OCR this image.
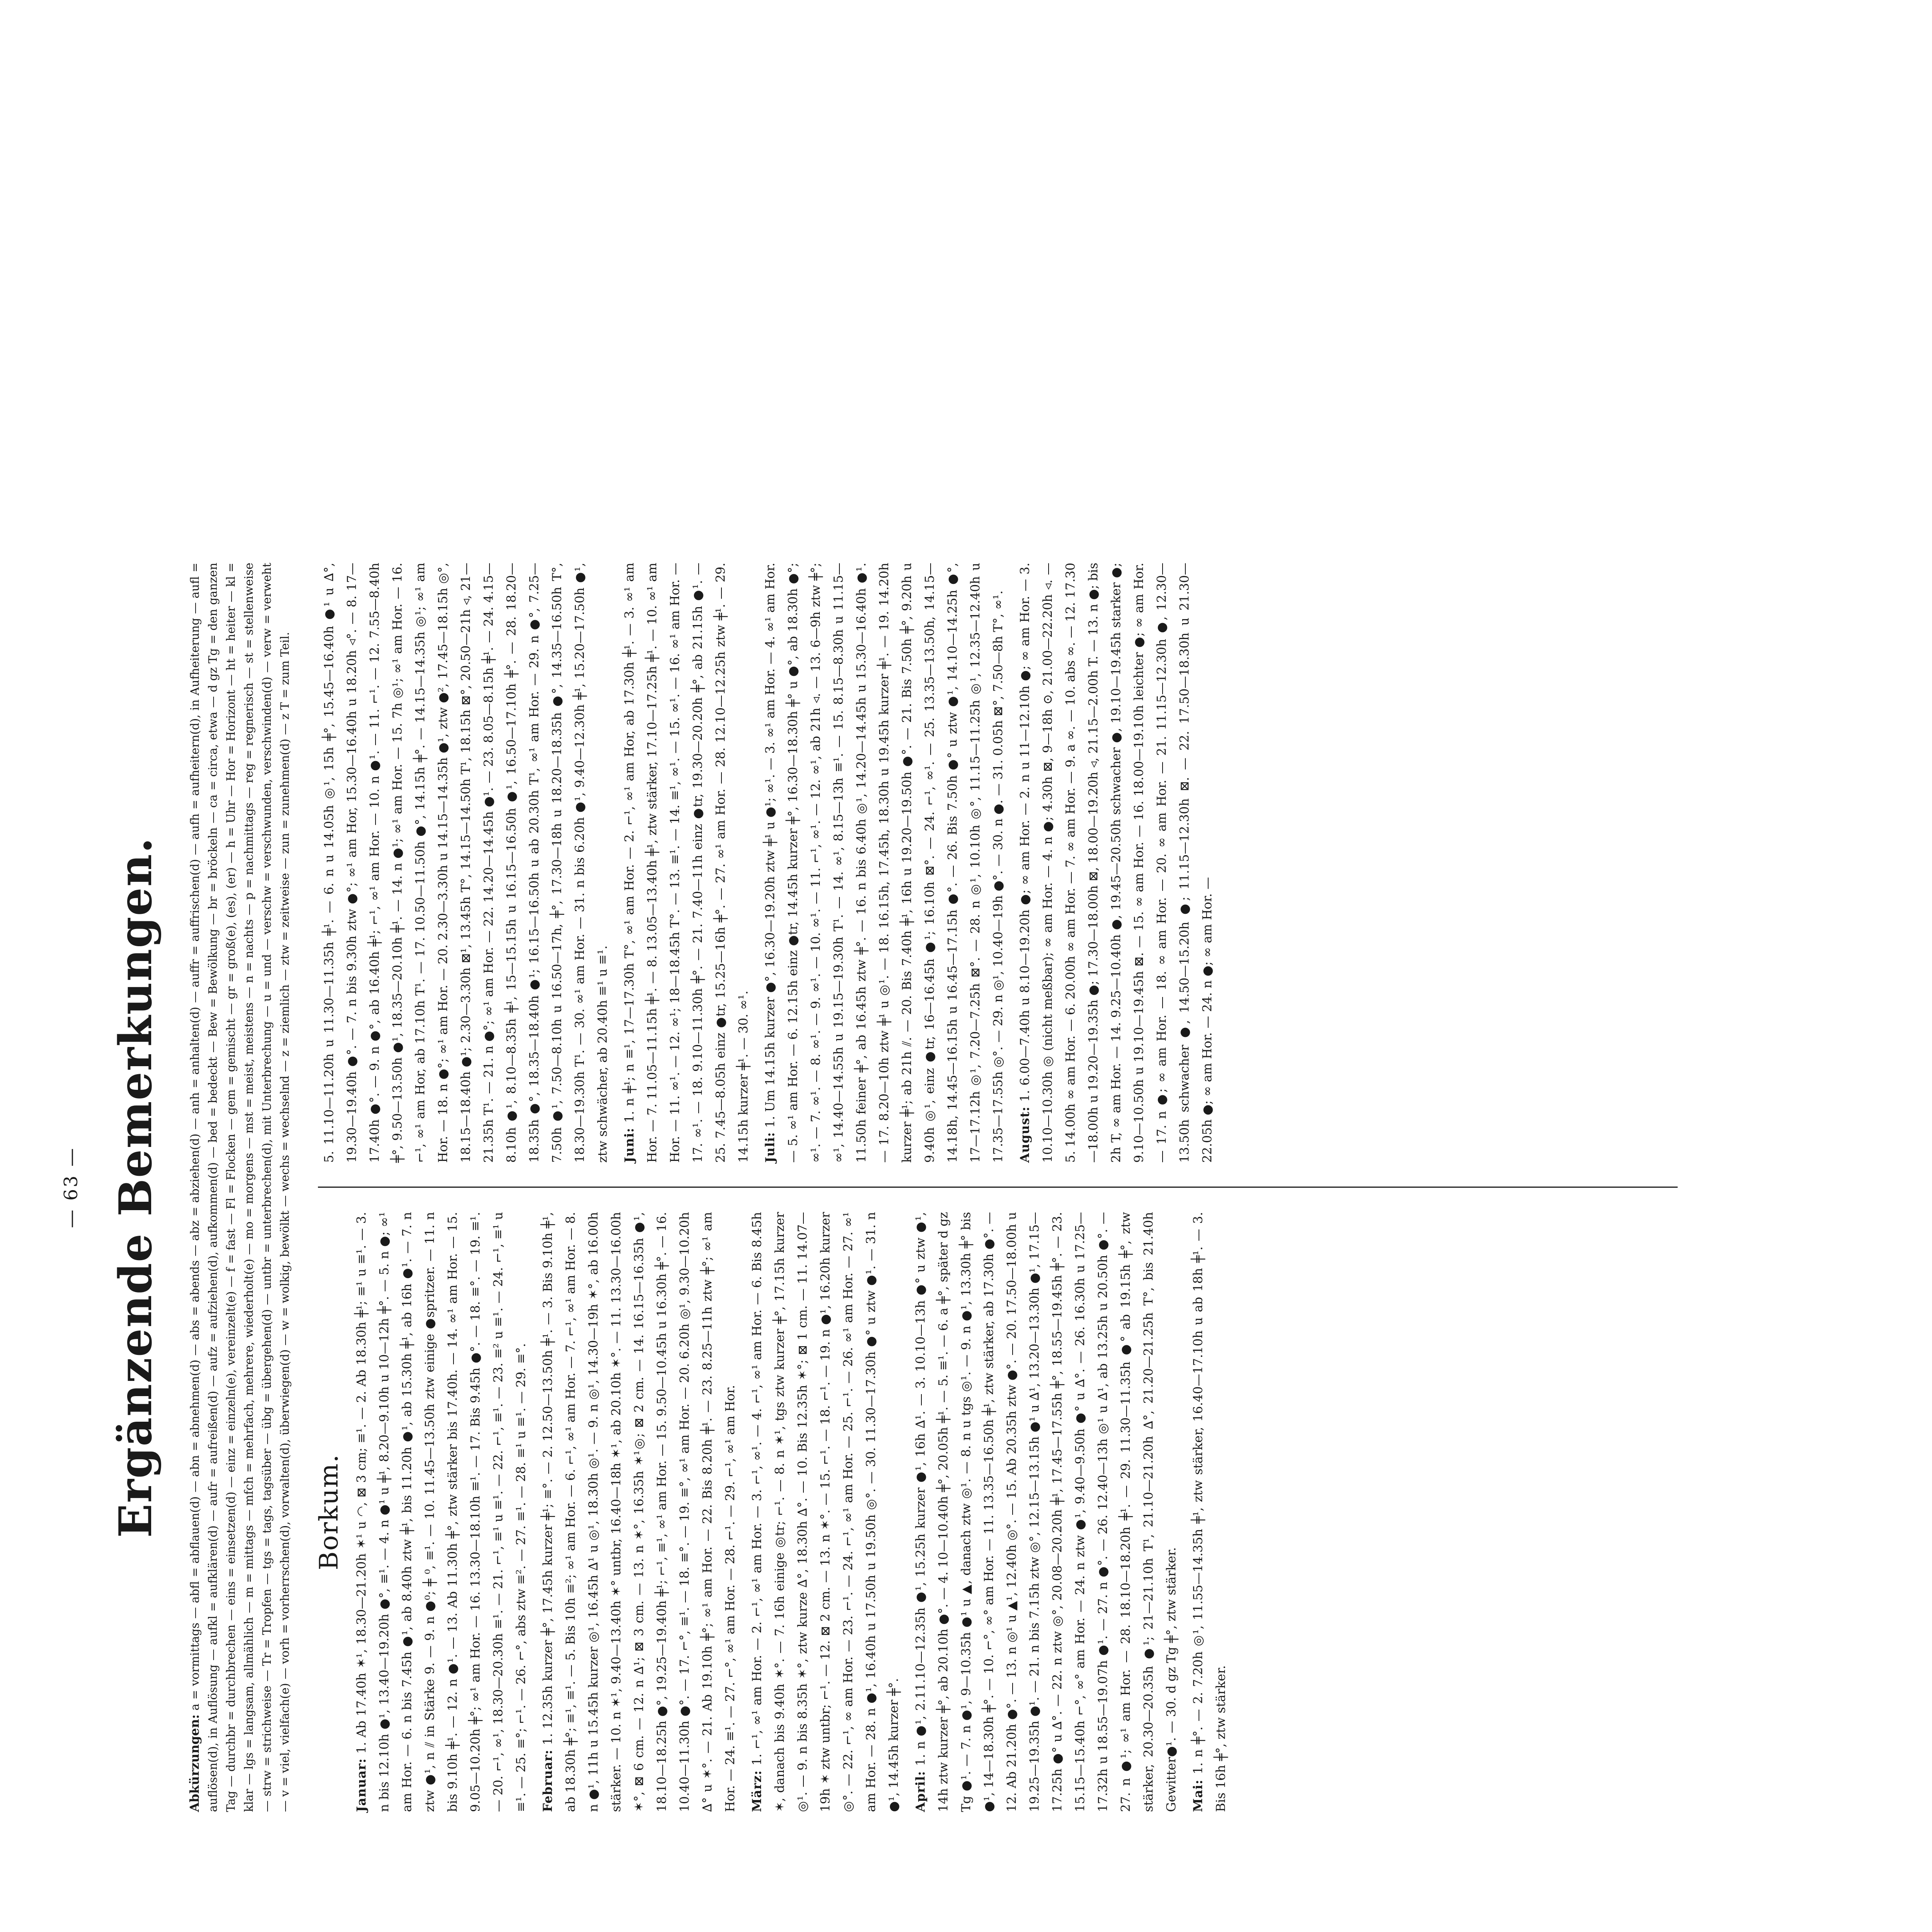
— 63 — Ergänzende Bemerkungen.

Abkürzungen: a = vormittags — abfl = abflauen(d) — abn = abnehmen(d) — abs = abends — abz = abziehen(d) — anh = anhalten(d) — auffr = auffrischen(d) — aufh = aufheitern(d), in Aufheiterung — aufl = auflösen(d), in Auflösung — aufkl = aufklären(d) — aufr = aufreißen(d) — aufz = aufziehen(d), aufkommen(d) — bed = bedeckt — Bew = Bewölkung — br = bröckeln — ca = circa, etwa — d gz Tg = den ganzen Tag — durchbr = durchbrechen — eins = einsetzen(d) — einz = einzeln(e), vereinzelt(e) — f = fast — Fl = Flocken — gem = gemischt — gr = groß(e), (es), (er) — h = Uhr — Hor = Horizont — ht = heiter — kl = klar — lgs = langsam, allmählich — m = mittags — mfch = mehrfach, mehrere, wiederholt(e) — mo = morgens — mst = meist, meistens — n = nachts — p = nachmittags — reg = regnerisch — st = stellenweise — strw = strichweise — Tr = Tropfen — tgs = tags, tagsüber — übg = übergehen(d) — untbr = unterbrechen(d), mit Unterbrechung — u = und — verschw = verschwunden, verschwinden(d) — verw = verweht — v = viel, vielfach(e) — vorh = vorherrschen(d), vorwalten(d), überwiegen(d) — w = wolkig, bewölkt — wechs = wechselnd — z = ziemlich — ztw = zeitweise — zun = zunehmen(d) — z T = zum Teil. Borkum.

Januar: 1. Ab 17.40h ✶¹, 18.30—21.20h ✶¹ u ◠, ⊠ 3 cm; ≡¹. — 2. Ab 18.30h ╪¹; ≡¹ u ≡¹. — 3. n bis 12.10h ●¹, 13.40—19.20h ●°, ≡¹. — 4. n ●¹ u ╪¹, 8.20—9.10h u 10—12h ╪°. — 5. n ●; ∞¹ am Hor. — 6. n bis 7.45h ●¹, ab 8.40h ztw ╪¹, bis 11.20h ●¹, ab 15.30h ╪¹, ab 16h ●¹. — 7. n ztw ●¹, n ⫽ in Stärke 9. — 9. n ●⁰; ╪ ⁰, ≡¹. — 10. 11.45—13.50h ztw einige ●spritzer. — 11. n bis 9.10h ╪¹. — 12. n ●¹. — 13. Ab 11.30h ╪°, ztw stärker bis 17.40h. — 14. ∞¹ am Hor. — 15. 9.05—10.20h ╪°; ∞¹ am Hor. — 16. 13.30—18.10h ≡¹. — 17. Bis 9.45h ●°. — 18. ≡°. — 19. ≡¹. — 20. ⌐¹, ∞¹, 18.30—20.30h ≡¹. — 21. ⌐¹, ≡¹ u ≡¹. — 22. ⌐¹, ≡¹. — 23. ≡² u ≡¹. — 24. ⌐¹, ≡¹ u ≡¹. — 25. ≡°; ⌐¹. — 26. ⌐°, abs ztw ≡². — 27. ≡¹. — 28. ≡¹ u ≡¹. — 29. ≡°.	Februar: 1. 12.35h kurzer ╪°, 17.45h kurzer ╪¹; ≡°. — 2. 12.50—13.50h ╪¹. — 3. Bis 9.10h ╪¹, ab 18.30h ╪°; ≡¹, ≡¹. — 5. Bis 10h ≡²; ∞¹ am Hor. — 6. ⌐¹, ∞¹ am Hor. — 7. ⌐¹, ∞¹ am Hor. — 8. n ●¹, 11h u 15.45h kurzer ◎¹, 16.45h ∆¹ u ◎¹, 18.30h ◎¹. — 9. n ◎¹, 14.30—19h ✶°, ab 16.00h stärker. — 10. n ✶¹, 9.40—13.40h ✶° untbr, 16.40—18h ✶¹, ab 20.10h ✶°. — 11. 13.30—16.00h ✶°, ⊠ 6 cm. — 12. n ∆¹; ⊠ 3 cm. — 13. n ✶°, 16.35h ✶¹◎; ⊠ 2 cm. — 14. 16.15—16.35h ●¹, 18.10—18.25h ●°, 19.25—19.40h ╪¹; ⌐¹, ≡¹, ∞¹ am Hor. — 15. 9.50—10.45h u 16.30h ╪°. — 16. 10.40—11.30h ●°. — 17. ⌐°, ≡¹. — 18. ≡°. — 19. ≡°, ∞¹ am Hor. — 20. 6.20h ◎¹, 9.30—10.20h ∆° u ✶°. — 21. Ab 19.10h ╪°; ∞¹ am Hor. — 22. Bis 8.20h ╪¹. — 23. 8.25—11h ztw ╪°; ∞¹ am Hor. — 24. ≡¹. — 27. ⌐°, ∞¹ am Hor. — 28. ⌐¹. — 29. ⌐¹, ∞¹ am Hor.	März: 1. ⌐¹, ∞¹ am Hor. — 2. ⌐¹, ∞¹ am Hor. — 3. ⌐¹, ∞¹. — 4. ⌐¹, ∞¹ am Hor. — 6. Bis 8.45h ✶, danach bis 9.40h ✶°. — 7. 16h einige ◎tr; ⌐¹. — 8. n ✶¹, tgs ztw kurzer ╪°, 17.15h kurzer ◎¹. — 9. n bis 8.35h ✶°, ztw kurze ∆°, 18.30h ∆°. — 10. Bis 12.35h ✶°; ⊠ 1 cm. — 11. 14.07—19h ✶ ztw untbr; ⌐¹. — 12. ⊠ 2 cm. — 13. n ✶°. — 15. ⌐¹. — 18. ⌐¹. — 19. n ●¹, 16.20h kurzer ◎°. — 22. ⌐¹, ∞ am Hor. — 23. ⌐¹. — 24. ⌐¹, ∞¹ am Hor. — 25. ⌐¹. — 26. ∞¹ am Hor. — 27. ∞¹ am Hor. — 28. n ●¹, 16.40h u 17.50h u 19.50h ◎°. — 30. 11.30—17.30h ●° u ztw ●¹. — 31. n ●¹, 14.45h kurzer ╪°.	April: 1. n ●¹, 2.11.10—12.35h ●¹, 15.25h kurzer ●¹, 16h ∆¹. — 3. 10.10—13h ●° u ztw ●¹, 14h ztw kurzer ╪°, ab 20.10h ●°. — 4. 10—10.40h ╪°, 20.05h ╪¹. — 5. ≡¹. — 6. a ╪°, später d gz Tg ●¹. — 7. n ●¹, 9—10.35h ●¹ u ▲, danach ztw ◎¹. — 8. n u tgs ◎¹. — 9. n ●¹, 13.30h ╪° bis ●¹, 14—18.30h ╪°. — 10. ⌐°, ∞° am Hor. — 11. 13.35—16.50h ╪¹, ztw stärker, ab 17.30h ●°. — 12. Ab 21.20h ●°. — 13. n ◎¹ u ▲¹, 12.40h ◎°. — 15. Ab 20.35h ztw ●°. — 20. 17.50—18.00h u 19.25—19.35h ●¹. — 21. n bis 7.15h ztw ◎°, 12.15—13.15h ●¹ u ∆¹, 13.20—13.30h ●¹, 17.15—17.25h ●° u ∆°. — 22. n ztw ◎°, 20.08—20.20h ╪¹, 17.45—17.55h ╪°, 18.55—19.45h ╪°. — 23. 15.15—15.40h ⌐°, ∞° am Hor. — 24. n ztw ●¹, 9.40—9.50h ●° u ∆°. — 26. 16.30h u 17.25—17.32h u 18.55—19.07h ●¹. — 27. n ●°. — 26. 12.40—13h ◎¹ u ∆¹, ab 13.25h u 20.50h ●°. — 27. n ●¹; ∞¹ am Hor. — 28. 18.10—18.20h ╪¹. — 29. 11.30—11.35h ●° ab 19.15h ╪°, ztw stärker, 20.30—20.35h ●¹; 21—21.10h T¹, 21.10—21.20h ∆°, 21.20—21.25h T°, bis 21.40h Gewitter●¹. — 30. d gz Tg ╪°, ztw stärker.	Mai: 1. n ╪°. — 2. 7.20h ◎¹, 11.55—14.35h ╪¹, ztw stärker, 16.40—17.10h u ab 18h ╪¹. — 3. Bis 16h ╪°, ztw stärker.

5. 11.10—11.20h u 11.30—11.35h ╪¹. — 6. n u 14.05h ◎¹, 15h ╪°, 15.45—16.40h ●¹ u ∆°, 19.30—19.40h ●°. — 7. n bis 9.30h ztw ●°; ∞¹ am Hor, 15.30—16.40h u 18.20h ◃°. — 8. 17—17.40h ●°. — 9. n ●°, ab 16.40h ╪¹; ⌐¹, ∞¹ am Hor. — 10. n ●¹. — 11. ⌐¹. — 12. 7.55—8.40h ╪°, 9.50—13.50h ●¹, 18.35—20.10h ╪¹. — 14. n ●¹; ∞¹ am Hor. — 15. 7h ◎¹; ∞¹ am Hor. — 16. ⌐¹, ∞¹ am Hor, ab 17.10h T¹. — 17. 10.50—11.50h ●°, 14.15h ╪°. — 14.15—14.35h ◎¹; ∞¹ am Hor. — 18. n ●°; ∞¹ am Hor. — 20. 2.30—3.30h u 14.15—14.35h ●¹, ztw ●², 17.45—18.15h ◎°, 18.15—18.40h ●¹; 2.30—3.30h ⊠¹, 13.45h T°, 14.15—14.50h T¹, 18.15h ⊠°, 20.50—21h ◃, 21—21.35h T¹. — 21. n ●°; ∞¹ am Hor. — 22. 14.20—14.45h ●¹. — 23. 8.05—8.15h ╪¹. — 24. 4.15—8.10h ●¹, 8.10—8.35h ╪¹, 15—15.15h u 16.15—16.50h ●¹, 16.50—17.10h ╪°. — 28. 18.20—18.35h ●°, 18.35—18.40h ●¹; 16.15—16.50h u ab 20.30h T¹, ∞¹ am Hor. — 29. n ●°, 7.25—7.50h ●¹, 7.50—8.10h u 16.50—17h, ╪°, 17.30—18h u 18.20—18.35h ●°, 14.35—16.50h T°, 18.30—19.30h T¹. — 30. ∞¹ am Hor. — 31. n bis 6.20h ●¹, 9.40—12.30h ╪¹, 15.20—17.50h ●¹, ztw schwächer, ab 20.40h ≡¹ u ≡¹.	Juni: 1. n ╪¹; n ≡¹, 17—17.30h T°, ∞¹ am Hor. — 2. ⌐¹, ∞¹ am Hor, ab 17.30h ╪¹. — 3. ∞¹ am Hor. — 7. 11.05—11.15h ╪¹. — 8. 13.05—13.40h ╪¹, ztw stärker, 17.10—17.25h ╪¹. — 10. ∞¹ am Hor. — 11. ∞¹. — 12. ∞¹; 18—18.45h T°. — 13. ≡¹. — 14. ≡¹, ∞¹. — 15. ∞¹. — 16. ∞¹ am Hor. — 17. ∞¹. — 18. 9.10—11.30h ╪°. — 21. 7.40—11h einz ●tr, 19.30—20.20h ╪°, ab 21.15h ●¹. — 25. 7.45—8.05h einz ●tr, 15.25—16h ╪°. — 27. ∞¹ am Hor. — 28. 12.10—12.25h ztw ╪¹. — 29. 14.15h kurzer ╪¹. — 30. ∞¹.	Juli: 1. Um 14.15h kurzer ●°, 16.30—19.20h ztw ╪¹ u ●¹; ∞¹. — 3. ∞¹ am Hor. — 4. ∞¹ am Hor. — 5. ∞¹ am Hor. — 6. 12.15h einz ●tr, 14.45h kurzer ╪°, 16.30—18.30h ╪° u ●°, ab 18.30h ●°; ∞¹. — 7. ∞¹. — 8. ∞¹. — 9. ∞¹. — 10. ∞¹. — 11. ⌐¹, ∞¹. — 12. ∞¹, ab 21h ◃. — 13. 6—9h ztw ╪°; ∞¹, 14.40—14.55h u 19.15—19.30h T¹. — 14. ∞¹, 8.15—13h ≡¹. — 15. 8.15—8.30h u 11.15—11.50h feiner ╪°, ab 16.45h ztw ╪°. — 16. n bis 6.40h ◎¹, 14.20—14.45h u 15.30—16.40h ●¹. — 17. 8.20—10h ztw ╪¹ u ◎¹. — 18. 16.15h, 17.45h, 18.30h u 19.45h kurzer ╪¹. — 19. 14.20h kurzer ╪¹; ab 21h ⫽. — 20. Bis 7.40h ╪¹, 16h u 19.20—19.50h ●°. — 21. Bis 7.50h ╪°, 9.20h u 9.40h ◎¹, einz ●tr, 16—16.45h ●¹; 16.10h ⊠°. — 24. ⌐¹, ∞¹. — 25. 13.35—13.50h, 14.15—14.18h, 14.45—16.15h u 16.45—17.15h ●°. — 26. Bis 7.50h ●° u ztw ●¹, 14.10—14.25h ●°, 17—17.12h ◎¹, 7.20—7.25h ⊠°. — 28. n ◎¹, 10.10h ◎°, 11.15—11.25h ◎¹, 12.35—12.40h u 17.35—17.55h ◎°. — 29. n ◎¹, 10.40—19h ●°. — 30. n ●. — 31. 0.05h ⊠°, 7.50—8h T°, ∞¹.	August: 1. 6.00—7.40h u 8.10—19.20h ●; ∞ am Hor. — 2. n u 11—12.10h ●; ∞ am Hor. — 3. 10.10—10.30h ◎ (nicht meßbar); ∞ am Hor. — 4. n ●; 4.30h ⊠, 9—18h ⊙, 21.00—22.20h ◃. — 5. 14.00h ∞ am Hor. — 6. 20.00h ∞ am Hor. — 7. ∞ am Hor. — 9. a ∞. — 10. abs ∞. — 12. 17.30—18.00h u 19.20—19.35h ●; 17.30—18.00h ⊠, 18.00—19.20h ◃, 21.15—2.00h T. — 13. n ●; bis 2h T, ∞ am Hor. — 14. 9.25—10.40h ●, 19.45—20.50h schwacher ●, 19.10—19.45h starker ●; 9.10—10.50h u 19.10—19.45h ⊠. — 15. ∞ am Hor. — 16. 18.00—19.10h leichter ●; ∞ am Hor. — 17. n ●; ∞ am Hor. — 18. ∞ am Hor. — 20. ∞ am Hor. — 21. 11.15—12.30h ●, 12.30—13.50h schwacher ●, 14.50—15.20h ●; 11.15—12.30h ⊠. — 22. 17.50—18.30h u 21.30—22.05h ●; ∞ am Hor. — 24. n ●; ∞ am Hor. —
